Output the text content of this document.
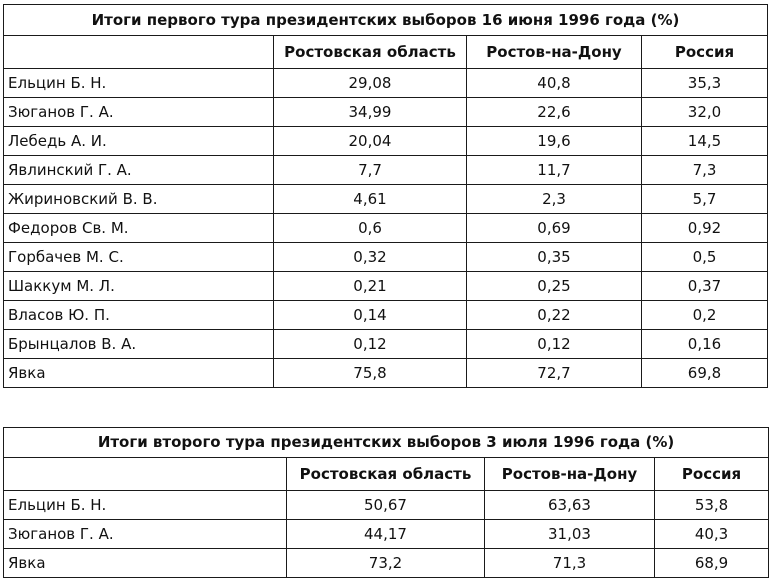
Итоги первого тура президентских выборов 16 июня 1996 года (%)			
	Ростовская область	Ростов-на-Дону	Россия
Ельцин Б. Н.	29,08	40,8	35,3
Зюганов Г. А.	34,99	22,6	32,0
Лебедь А. И.	20,04	19,6	14,5
Явлинский Г. А.	7,7	11,7	7,3
Жириновский В. В.	4,61	2,3	5,7
Федоров Св. М.	0,6	0,69	0,92
Горбачев М. С.	0,32	0,35	0,5
Шаккум М. Л.	0,21	0,25	0,37
Власов Ю. П.	0,14	0,22	0,2
Брынцалов В. А.	0,12	0,12	0,16
Явка	75,8	72,7	69,8
Итоги второго тура президентских выборов 3 июля 1996 года (%)			
	Ростовская область	Ростов-на-Дону	Россия
Ельцин Б. Н.	50,67	63,63	53,8
Зюганов Г. А.	44,17	31,03	40,3
Явка	73,2	71,3	68,9
